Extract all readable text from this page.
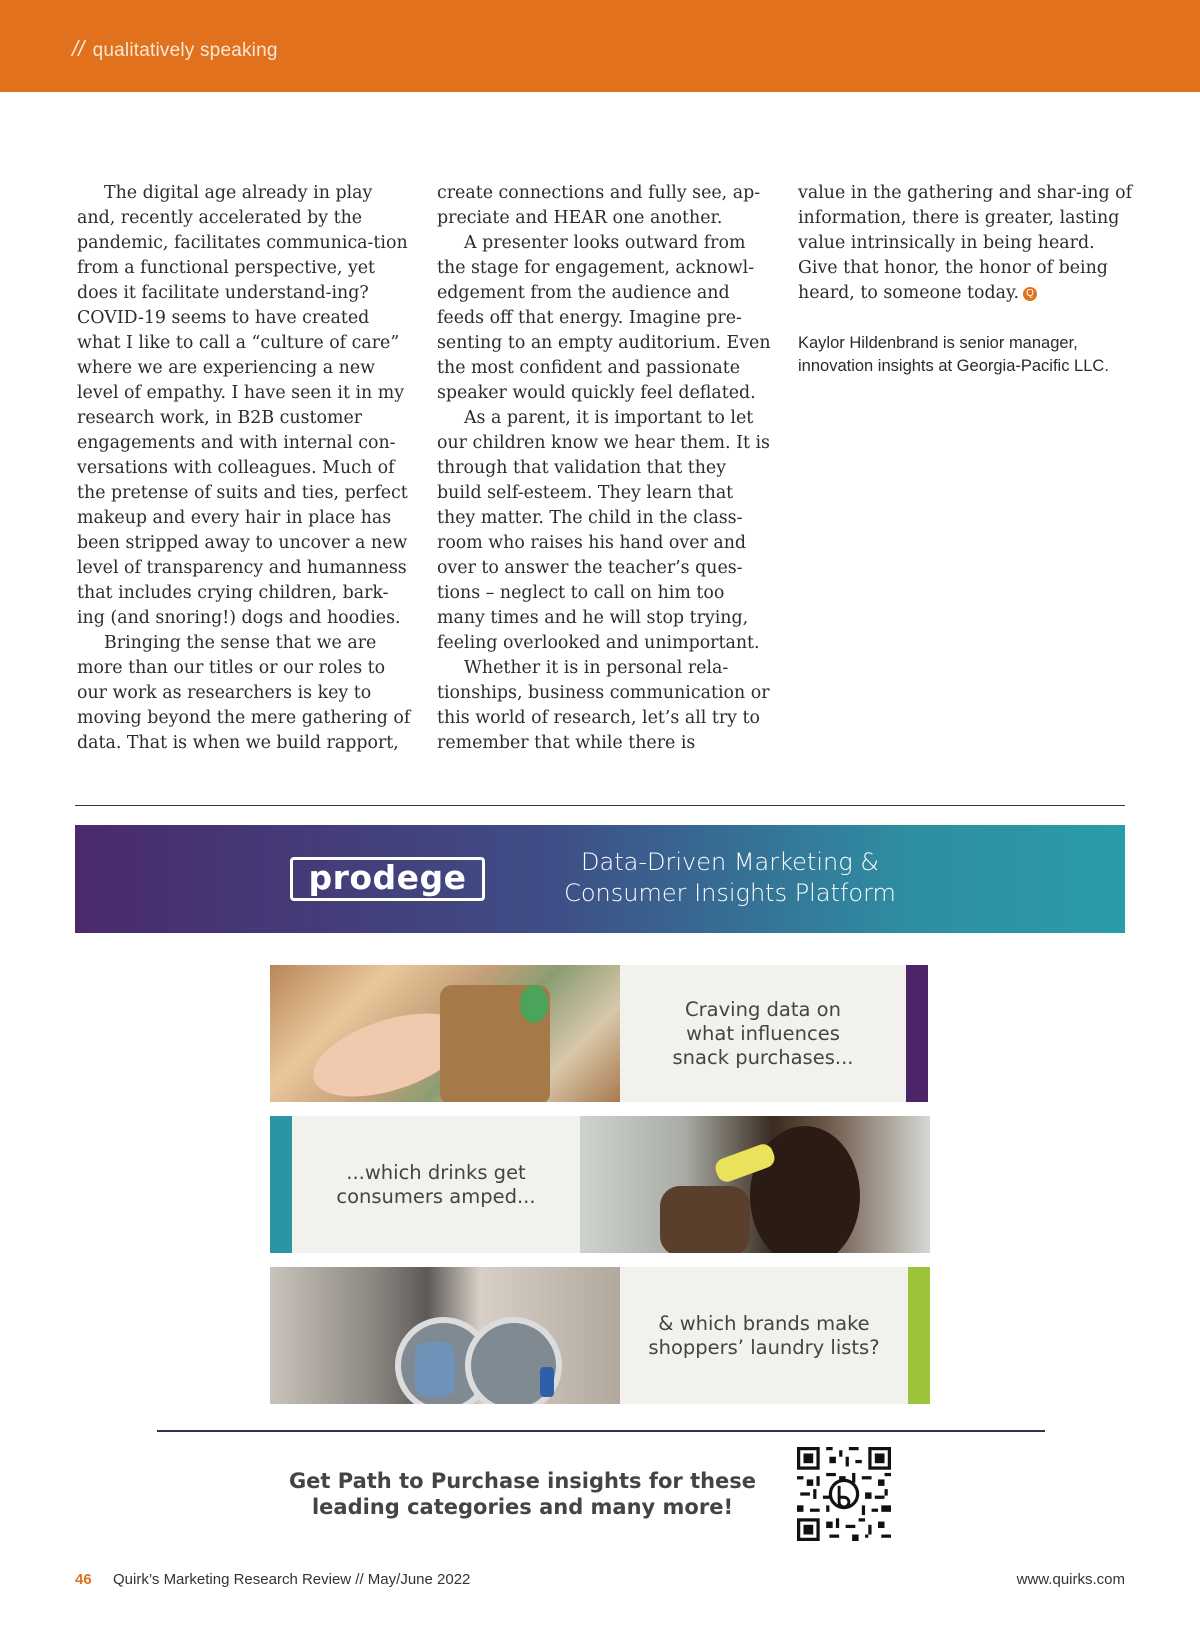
// qualitatively speaking

The digital age already in play and, recently accelerated by the pandemic, facilitates communica-tion from a functional perspective, yet does it facilitate understand-ing? COVID-19 seems to have created what I like to call a “culture of care” where we are experiencing a new level of empathy. I have seen it in my research work, in B2B customer engagements and with internal con-versations with colleagues. Much of the pretense of suits and ties, perfect makeup and every hair in place has been stripped away to uncover a new level of transparency and humanness that includes crying children, bark-ing (and snoring!) dogs and hoodies.

Bringing the sense that we are more than our titles or our roles to our work as researchers is key to moving beyond the mere gathering of data. That is when we build rapport,

create connections and fully see, ap-preciate and HEAR one another.

A presenter looks outward from the stage for engagement, acknowl-edgement from the audience and feeds off that energy. Imagine pre-senting to an empty auditorium. Even the most confident and passionate speaker would quickly feel deflated.

As a parent, it is important to let our children know we hear them. It is through that validation that they build self-esteem. They learn that they matter. The child in the class-room who raises his hand over and over to answer the teacher’s ques-tions – neglect to call on him too many times and he will stop trying, feeling overlooked and unimportant.

Whether it is in personal rela-tionships, business communication or this world of research, let’s all try to remember that while there is

value in the gathering and shar-ing of information, there is greater, lasting value intrinsically in being heard. Give that honor, the honor of being heard, to someone today. Q

Kaylor Hildenbrand is senior manager, innovation insights at Georgia-Pacific LLC.

prodege	Data-Driven Marketing &
Consumer Insights Platform
Craving data on
what influences
snack purchases...
...which drinks get
consumers amped...
& which brands make
shoppers’ laundry lists?
Get Path to Purchase insights for these
leading categories and many more!
46 Quirk’s Marketing Research Review // May/June 2022	www.quirks.com
